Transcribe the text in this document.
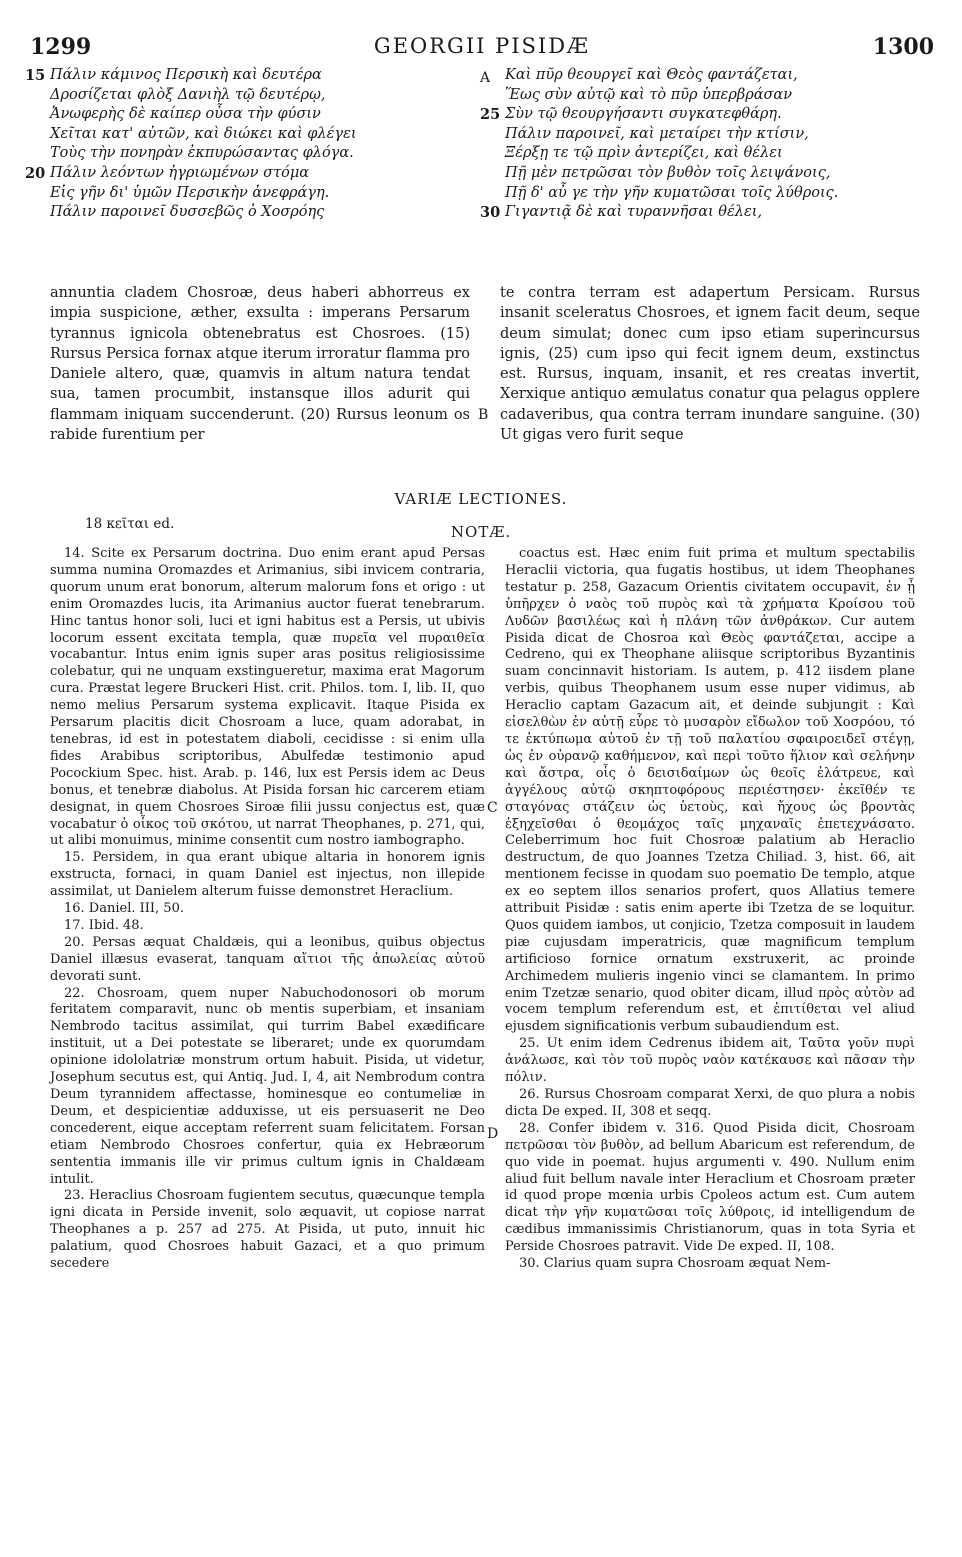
1299	GEORGII PISIDÆ	1300
15 Πάλιν κάμινος Περσικὴ καὶ δευτέρα
Δροσίζεται φλὸξ Δανιὴλ τῷ δευτέρῳ,
Ἀνωφερὴς δὲ καίπερ οὖσα τὴν φύσιν
Χεῖται κατ' αὐτῶν, καὶ διώκει καὶ φλέγει
Τοὺς τὴν πονηρὰν ἐκπυρώσαντας φλόγα.
20 Πάλιν λεόντων ἠγριωμένων στόμα
Εἰς γῆν δι' ὑμῶν Περσικὴν ἀνεφράγη.
Πάλιν παροινεῖ δυσσεβῶς ὁ Χοσρόης
Καὶ πῦρ θεουργεῖ καὶ Θεὸς φαντάζεται,
Ἕως σὺν αὐτῷ καὶ τὸ πῦρ ὑπερβράσαν
25 Σὺν τῷ θεουργήσαντι συγκατεφθάρη.
Πάλιν παροινεῖ, καὶ μεταίρει τὴν κτίσιν,
Ξέρξῃ τε τῷ πρὶν ἀντερίζει, καὶ θέλει
Πῇ μὲν πετρῶσαι τὸν βυθὸν τοῖς λειψάνοις,
Πῇ δ' αὖ γε τὴν γῆν κυματῶσαι τοῖς λύθροις.
30 Γιγαντιᾷ δὲ καὶ τυραννῆσαι θέλει,
A
B
C
D
annuntia cladem Chosroæ, deus haberi abhorreus ex impia suspicione, æther, exsulta : imperans Persarum tyrannus ignicola obtenebratus est Chosroes. (15) Rursus Persica fornax atque iterum irroratur flamma pro Daniele altero, quæ, quamvis in altum natura tendat sua, tamen procumbit, instansque illos adurit qui flammam iniquam succenderunt. (20) Rursus leonum os rabide furentium per
te contra terram est adapertum Persicam. Rursus insanit sceleratus Chosroes, et ignem facit deum, seque deum simulat; donec cum ipso etiam superincursus ignis, (25) cum ipso qui fecit ignem deum, exstinctus est. Rursus, inquam, insanit, et res creatas invertit, Xerxique antiquo æmulatus conatur qua pelagus opplere cadaveribus, qua contra terram inundare sanguine. (30) Ut gigas vero furit seque
VARIÆ LECTIONES.
18 κεῖται ed.	NOTÆ.

14. Scite ex Persarum doctrina. Duo enim erant apud Persas summa numina Oromazdes et Arimanius, sibi invicem contraria, quorum unum erat bonorum, alterum malorum fons et origo : ut enim Oromazdes lucis, ita Arimanius auctor fuerat tenebrarum. Hinc tantus honor soli, luci et igni habitus est a Persis, ut ubivis locorum essent excitata templa, quæ πυρεῖα vel πυραιθεῖα vocabantur. Intus enim ignis super aras positus religiosissime colebatur, qui ne unquam exstingueretur, maxima erat Magorum cura. Præstat legere Bruckeri Hist. crit. Philos. tom. I, lib. II, quo nemo melius Persarum systema explicavit. Itaque Pisida ex Persarum placitis dicit Chosroam a luce, quam adorabat, in tenebras, id est in potestatem diaboli, cecidisse : si enim ulla fides Arabibus scriptoribus, Abulfedæ testimonio apud Pocockium Spec. hist. Arab. p. 146, lux est Persis idem ac Deus bonus, et tenebræ diabolus. At Pisida forsan hic carcerem etiam designat, in quem Chosroes Siroæ filii jussu conjectus est, quæ vocabatur ὁ οἶκος τοῦ σκότου, ut narrat Theophanes, p. 271, qui, ut alibi monuimus, minime consentit cum nostro iambographo.

15. Persidem, in qua erant ubique altaria in honorem ignis exstructa, fornaci, in quam Daniel est injectus, non illepide assimilat, ut Danielem alterum fuisse demonstret Heraclium.

16. Daniel. III, 50.

17. Ibid. 48.

20. Persas æquat Chaldæis, qui a leonibus, quibus objectus Daniel illæsus evaserat, tanquam αἴτιοι τῆς ἀπωλείας αὐτοῦ devorati sunt.

22. Chosroam, quem nuper Nabuchodonosori ob morum feritatem comparavit, nunc ob mentis superbiam, et insaniam Nembrodo tacitus assimilat, qui turrim Babel exædificare instituit, ut a Dei potestate se liberaret; unde ex quorumdam opinione idololatriæ monstrum ortum habuit. Pisida, ut videtur, Josephum secutus est, qui Antiq. Jud. I, 4, ait Nembrodum contra Deum tyrannidem affectasse, hominesque eo contumeliæ in Deum, et despicientiæ adduxisse, ut eis persuaserit ne Deo concederent, eique acceptam referrent suam felicitatem. Forsan etiam Nembrodo Chosroes confertur, quia ex Hebræorum sententia immanis ille vir primus cultum ignis in Chaldæam intulit.

23. Heraclius Chosroam fugientem secutus, quæcunque templa igni dicata in Perside invenit, solo æquavit, ut copiose narrat Theophanes a p. 257 ad 275. At Pisida, ut puto, innuit hic palatium, quod Chosroes habuit Gazaci, et a quo primum secedere

coactus est. Hæc enim fuit prima et multum spectabilis Heraclii victoria, qua fugatis hostibus, ut idem Theophanes testatur p. 258, Gazacum Orientis civitatem occupavit, ἐν ᾗ ὑπῆρχεν ὁ ναὸς τοῦ πυρὸς καὶ τὰ χρήματα Κροίσου τοῦ Λυδῶν βασιλέως καὶ ἡ πλάνη τῶν ἀνθράκων. Cur autem Pisida dicat de Chosroa καὶ Θεὸς φαντάζεται, accipe a Cedreno, qui ex Theophane aliisque scriptoribus Byzantinis suam concinnavit historiam. Is autem, p. 412 iisdem plane verbis, quibus Theophanem usum esse nuper vidimus, ab Heraclio captam Gazacum ait, et deinde subjungit : Καὶ εἰσελθὼν ἐν αὐτῇ εὗρε τὸ μυσαρὸν εἴδωλον τοῦ Χοσρόου, τό τε ἐκτύπωμα αὐτοῦ ἐν τῇ τοῦ παλατίου σφαιροειδεῖ στέγῃ, ὡς ἐν οὐρανῷ καθήμενον, καὶ περὶ τοῦτο ἥλιον καὶ σελήνην καὶ ἄστρα, οἷς ὁ δεισιδαίμων ὡς θεοῖς ἐλάτρευε, καὶ ἀγγέλους αὐτῷ σκηπτοφόρους περιέστησεν· ἐκεῖθέν τε σταγόνας στάζειν ὡς ὑετοὺς, καὶ ἤχους ὡς βροντὰς ἐξηχεῖσθαι ὁ θεομάχος ταῖς μηχαναῖς ἐπετεχνάσατο. Celeberrimum hoc fuit Chosroæ palatium ab Heraclio destructum, de quo Joannes Tzetza Chiliad. 3, hist. 66, ait mentionem fecisse in quodam suo poematio De templo, atque ex eo septem illos senarios profert, quos Allatius temere attribuit Pisidæ : satis enim aperte ibi Tzetza de se loquitur. Quos quidem iambos, ut conjicio, Tzetza composuit in laudem piæ cujusdam imperatricis, quæ magnificum templum artificioso fornice ornatum exstruxerit, ac proinde Archimedem mulieris ingenio vinci se clamantem. In primo enim Tzetzæ senario, quod obiter dicam, illud πρὸς αὐτὸν ad vocem templum referendum est, et ἐπιτίθεται vel aliud ejusdem significationis verbum subaudiendum est.

25. Ut enim idem Cedrenus ibidem ait, Ταῦτα γοῦν πυρὶ ἀνάλωσε, καὶ τὸν τοῦ πυρὸς ναὸν κατέκαυσε καὶ πᾶσαν τὴν πόλιν.

26. Rursus Chosroam comparat Xerxi, de quo plura a nobis dicta De exped. II, 308 et seqq.

28. Confer ibidem v. 316. Quod Pisida dicit, Chosroam πετρῶσαι τὸν βυθὸν, ad bellum Abaricum est referendum, de quo vide in poemat. hujus argumenti v. 490. Nullum enim aliud fuit bellum navale inter Heraclium et Chosroam præter id quod prope mœnia urbis Cpoleos actum est. Cum autem dicat τὴν γῆν κυματῶσαι τοῖς λύθροις, id intelligendum de cædibus immanissimis Christianorum, quas in tota Syria et Perside Chosroes patravit. Vide De exped. II, 108.

30. Clarius quam supra Chosroam æquat Nem-
